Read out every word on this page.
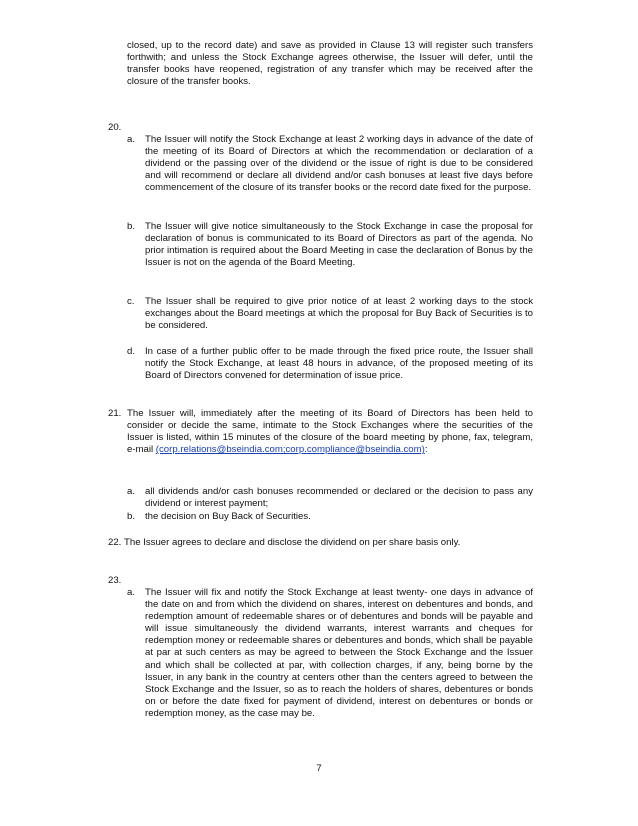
closed, up to the record date) and save as provided in Clause 13 will register such transfers forthwith; and unless the Stock Exchange agrees otherwise, the Issuer will defer, until the transfer books have reopened, registration of any transfer which may be received after the closure of the transfer books.

20.

a. The Issuer will notify the Stock Exchange at least 2 working days in advance of the date of the meeting of its Board of Directors at which the recommendation or declaration of a dividend or the passing over of the dividend or the issue of right is due to be considered and will recommend or declare all dividend and/or cash bonuses at least five days before commencement of the closure of its transfer books or the record date fixed for the purpose.

b. The Issuer will give notice simultaneously to the Stock Exchange in case the proposal for declaration of bonus is communicated to its Board of Directors as part of the agenda. No prior intimation is required about the Board Meeting in case the declaration of Bonus by the Issuer is not on the agenda of the Board Meeting.

c. The Issuer shall be required to give prior notice of at least 2 working days to the stock exchanges about the Board meetings at which the proposal for Buy Back of Securities is to be considered.

d. In case of a further public offer to be made through the fixed price route, the Issuer shall notify the Stock Exchange, at least 48 hours in advance, of the proposed meeting of its Board of Directors convened for determination of issue price.

21. The Issuer will, immediately after the meeting of its Board of Directors has been held to consider or decide the same, intimate to the Stock Exchanges where the securities of the Issuer is listed, within 15 minutes of the closure of the board meeting by phone, fax, telegram, e-mail (corp.relations@bseindia.com;corp.compliance@bseindia.com):

a. all dividends and/or cash bonuses recommended or declared or the decision to pass any dividend or interest payment;

b. the decision on Buy Back of Securities.

22. The Issuer agrees to declare and disclose the dividend on per share basis only.

23.

a. The Issuer will fix and notify the Stock Exchange at least twenty- one days in advance of the date on and from which the dividend on shares, interest on debentures and bonds, and redemption amount of redeemable shares or of debentures and bonds will be payable and will issue simultaneously the dividend warrants, interest warrants and cheques for redemption money or redeemable shares or debentures and bonds, which shall be payable at par at such centers as may be agreed to between the Stock Exchange and the Issuer and which shall be collected at par, with collection charges, if any, being borne by the Issuer, in any bank in the country at centers other than the centers agreed to between the Stock Exchange and the Issuer, so as to reach the holders of shares, debentures or bonds on or before the date fixed for payment of dividend, interest on debentures or bonds or redemption money, as the case may be.

7
